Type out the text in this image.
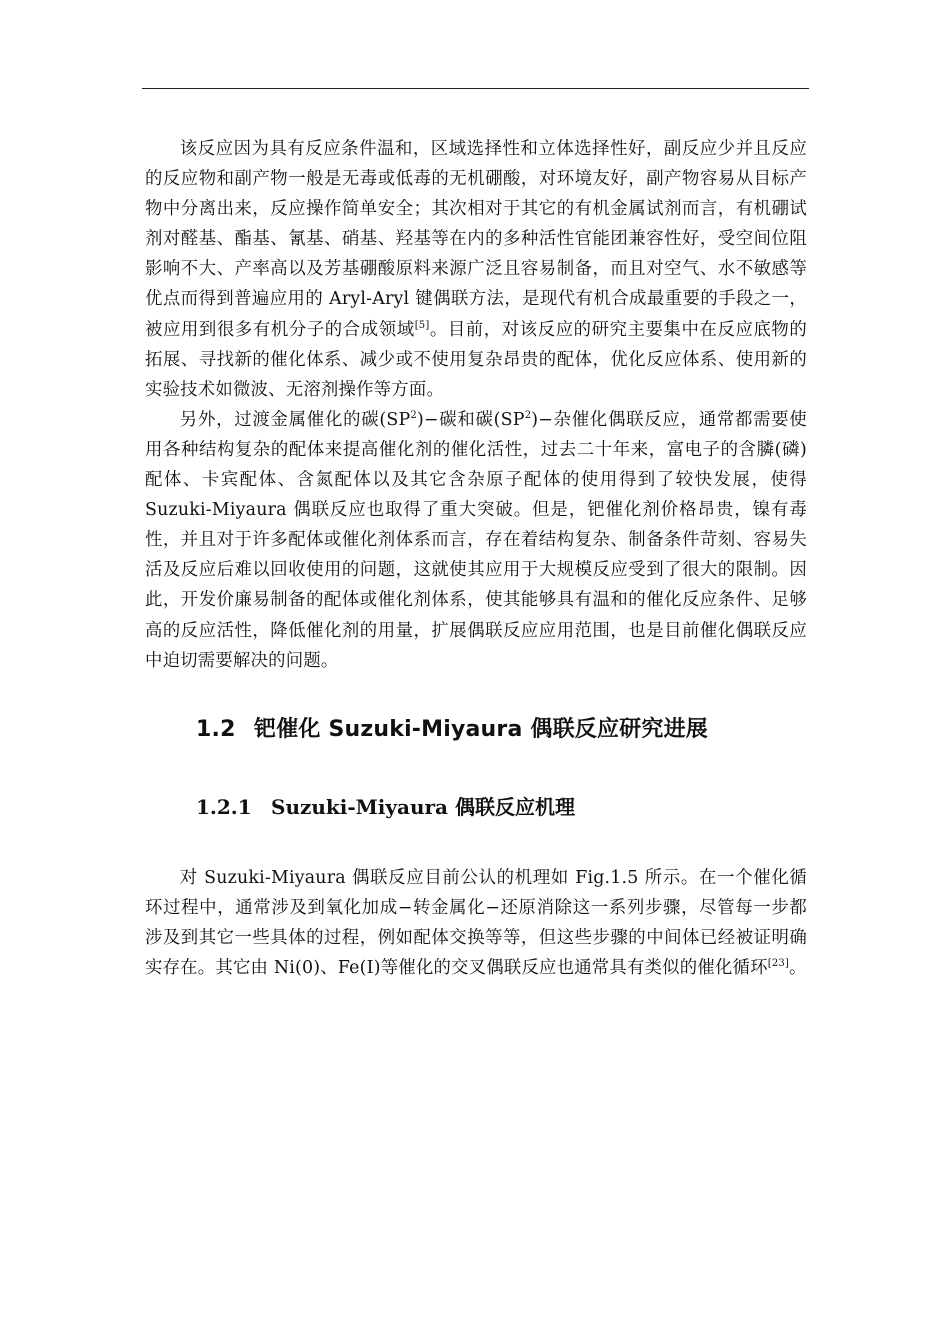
该反应因为具有反应条件温和，区域选择性和立体选择性好，副反应少并且反应的反应物和副产物一般是无毒或低毒的无机硼酸，对环境友好，副产物容易从目标产物中分离出来，反应操作简单安全；其次相对于其它的有机金属试剂而言，有机硼试剂对醛基、酯基、氰基、硝基、羟基等在内的多种活性官能团兼容性好，受空间位阻影响不大、产率高以及芳基硼酸原料来源广泛且容易制备，而且对空气、水不敏感等优点而得到普遍应用的 Aryl-Aryl 键偶联方法，是现代有机合成最重要的手段之一，被应用到很多有机分子的合成领域[5]。目前，对该反应的研究主要集中在反应底物的拓展、寻找新的催化体系、减少或不使用复杂昂贵的配体，优化反应体系、使用新的实验技术如微波、无溶剂操作等方面。

另外，过渡金属催化的碳$(SP^2)-$碳和碳$(SP^2)-$杂催化偶联反应，通常都需要使用各种结构复杂的配体来提高催化剂的催化活性，过去二十年来，富电子的含膦(磷)配体、卡宾配体、含氮配体以及其它含杂原子配体的使用得到了较快发展，使得 Suzuki-Miyaura 偶联反应也取得了重大突破。但是，钯催化剂价格昂贵，镍有毒性，并且对于许多配体或催化剂体系而言，存在着结构复杂、制备条件苛刻、容易失活及反应后难以回收使用的问题，这就使其应用于大规模反应受到了很大的限制。因此，开发价廉易制备的配体或催化剂体系，使其能够具有温和的催化反应条件、足够高的反应活性，降低催化剂的用量，扩展偶联反应应用范围，也是目前催化偶联反应中迫切需要解决的问题。

1.2 钯催化 Suzuki-Miyaura 偶联反应研究进展
1.2.1 Suzuki-Miyaura 偶联反应机理

对 Suzuki-Miyaura 偶联反应目前公认的机理如 Fig.1.5 所示。在一个催化循环过程中，通常涉及到氧化加成−转金属化−还原消除这一系列步骤，尽管每一步都涉及到其它一些具体的过程，例如配体交换等等，但这些步骤的中间体已经被证明确实存在。其它由 Ni(0)、Fe(I)等催化的交叉偶联反应也通常具有类似的催化循环[23]。
